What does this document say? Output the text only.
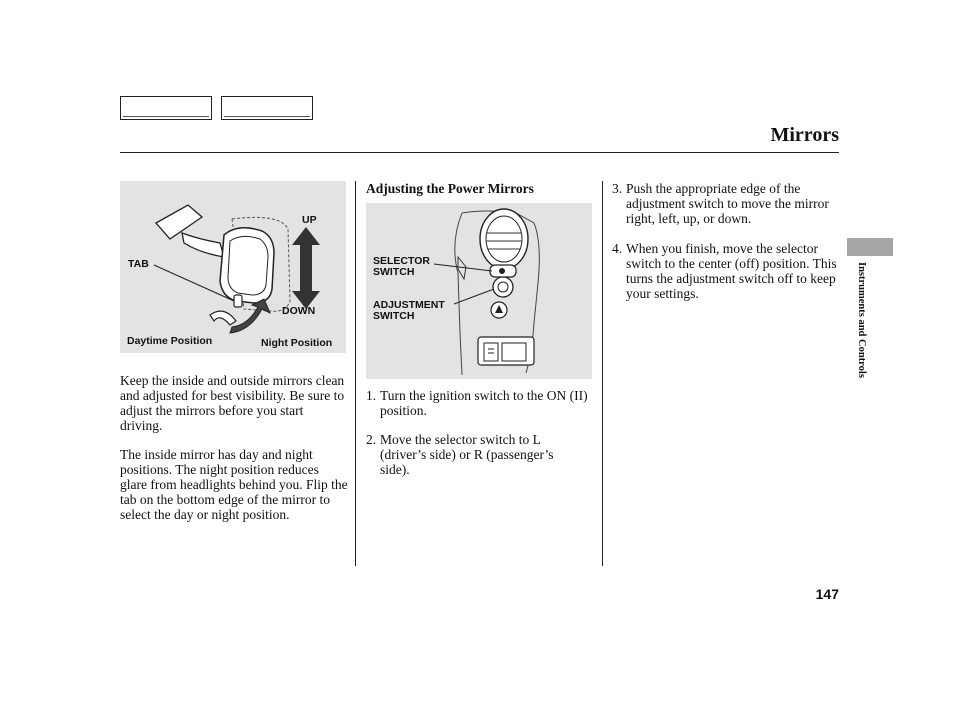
Mirrors
UP
DOWN
TAB
Daytime Position	Night Position
SELECTOR
SWITCH
ADJUSTMENT
SWITCH

Keep the inside and outside mirrors clean and adjusted for best visibility. Be sure to adjust the mirrors before you start driving.

The inside mirror has day and night positions. The night position reduces glare from headlights behind you. Flip the tab on the bottom edge of the mirror to select the day or night position.

Adjusting the Power Mirrors
1. Turn the ignition switch to the ON (II) position.
2. Move the selector switch to L (driver’s side) or R (passenger’s side).
3. Push the appropriate edge of the adjustment switch to move the mirror right, left, up, or down.
4. When you finish, move the selector switch to the center (off) position. This turns the adjustment switch off to keep your settings.	Instruments and Controls
147
